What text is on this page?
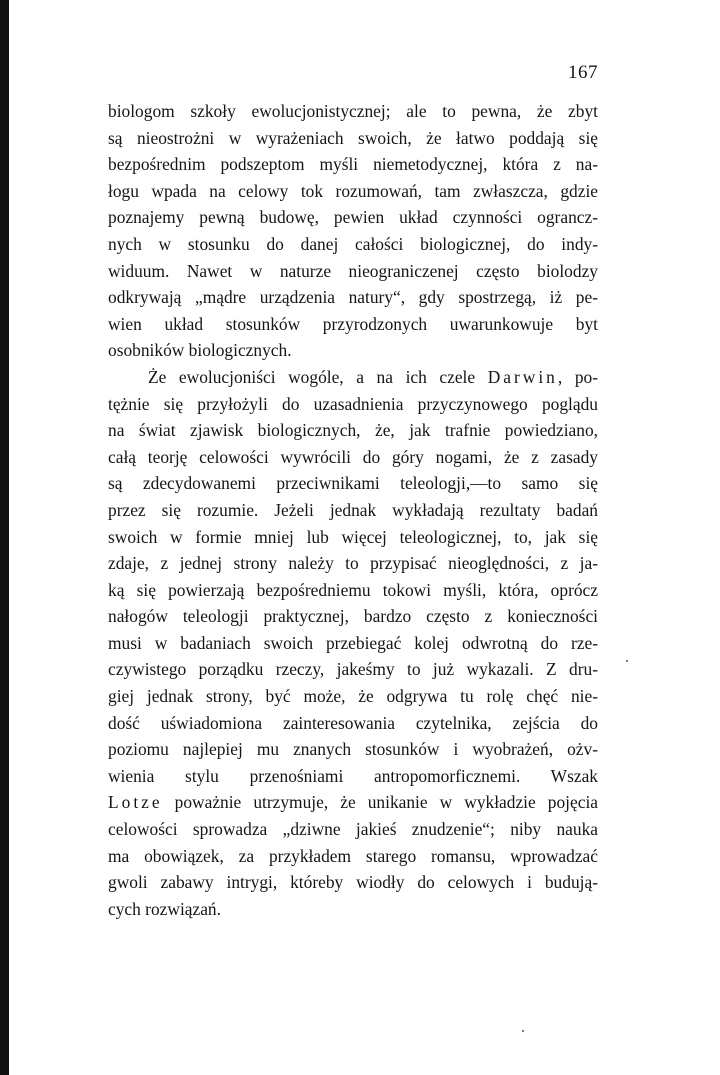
167
biologom szkoły ewolucjonistycznej; ale to pewna, że zbyt
są nieostrożni w wyrażeniach swoich, że łatwo poddają się
bezpośrednim podszeptom myśli niemetodycznej, która z na-
łogu wpada na celowy tok rozumowań, tam zwłaszcza, gdzie
poznajemy pewną budowę, pewien układ czynności ograncz-
nych w stosunku do danej całości biologicznej, do indy-
widuum. Nawet w naturze nieograniczenej często biolodzy
odkrywają „mądre urządzenia natury“, gdy spostrzegą, iż pe-
wien układ stosunków przyrodzonych uwarunkowuje byt
osobników biologicznych.
Że ewolucjoniści wogóle, a na ich czele Darwin, po-
tężnie się przyłożyli do uzasadnienia przyczynowego poglądu
na świat zjawisk biologicznych, że, jak trafnie powiedziano,
całą teorję celowości wywrócili do góry nogami, że z zasady
są zdecydowanemi przeciwnikami teleologji,—to samo się
przez się rozumie. Jeżeli jednak wykładają rezultaty badań
swoich w formie mniej lub więcej teleologicznej, to, jak się
zdaje, z jednej strony należy to przypisać nieoględności, z ja-
ką się powierzają bezpośredniemu tokowi myśli, która, oprócz
nałogów teleologji praktycznej, bardzo często z konieczności
musi w badaniach swoich przebiegać kolej odwrotną do rze-
czywistego porządku rzeczy, jakeśmy to już wykazali. Z dru-
giej jednak strony, być może, że odgrywa tu rolę chęć nie-
dość uświadomiona zainteresowania czytelnika, zejścia do
poziomu najlepiej mu znanych stosunków i wyobrażeń, ożv-
wienia stylu przenośniami antropomorficznemi. Wszak
Lotze poważnie utrzymuje, że unikanie w wykładzie pojęcia
celowości sprowadza „dziwne jakieś znudzenie“; niby nauka
ma obowiązek, za przykładem starego romansu, wprowadzać
gwoli zabawy intrygi, któreby wiodły do celowych i budują-
cych rozwiązań.
